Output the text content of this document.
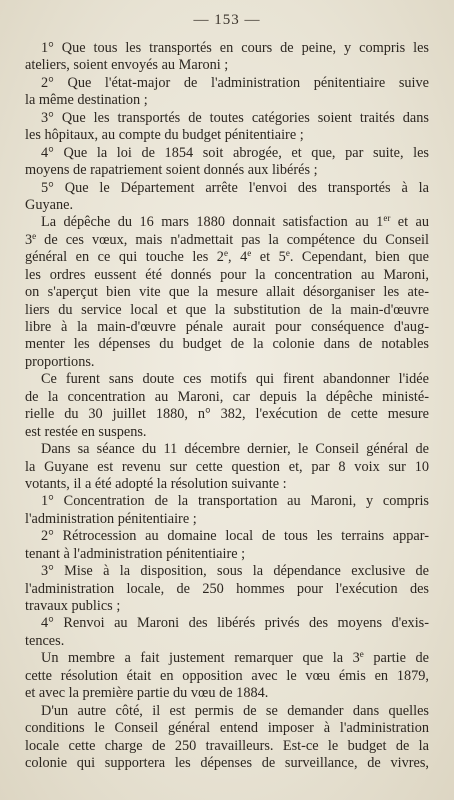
— 153 —
1° Que tous les transportés en cours de peine, y compris les
ateliers, soient envoyés au Maroni ;
2° Que l'état-major de l'administration pénitentiaire suive
la même destination ;
3° Que les transportés de toutes catégories soient traités dans
les hôpitaux, au compte du budget pénitentiaire ;
4° Que la loi de 1854 soit abrogée, et que, par suite, les
moyens de rapatriement soient donnés aux libérés ;
5° Que le Département arrête l'envoi des transportés à la
Guyane.
La dépêche du 16 mars 1880 donnait satisfaction au 1er et au
3e de ces vœux, mais n'admettait pas la compétence du Conseil
général en ce qui touche les 2e, 4e et 5e. Cependant, bien que
les ordres eussent été donnés pour la concentration au Maroni,
on s'aperçut bien vite que la mesure allait désorganiser les ate-
liers du service local et que la substitution de la main-d'œuvre
libre à la main-d'œuvre pénale aurait pour conséquence d'aug-
menter les dépenses du budget de la colonie dans de notables
proportions.
Ce furent sans doute ces motifs qui firent abandonner l'idée
de la concentration au Maroni, car depuis la dépêche ministé-
rielle du 30 juillet 1880, n° 382, l'exécution de cette mesure
est restée en suspens.
Dans sa séance du 11 décembre dernier, le Conseil général de
la Guyane est revenu sur cette question et, par 8 voix sur 10
votants, il a été adopté la résolution suivante :
1° Concentration de la transportation au Maroni, y compris
l'administration pénitentiaire ;
2° Rétrocession au domaine local de tous les terrains appar-
tenant à l'administration pénitentiaire ;
3° Mise à la disposition, sous la dépendance exclusive de
l'administration locale, de 250 hommes pour l'exécution des
travaux publics ;
4° Renvoi au Maroni des libérés privés des moyens d'exis-
tences.
Un membre a fait justement remarquer que la 3e partie de
cette résolution était en opposition avec le vœu émis en 1879,
et avec la première partie du vœu de 1884.
D'un autre côté, il est permis de se demander dans quelles
conditions le Conseil général entend imposer à l'administration
locale cette charge de 250 travailleurs. Est-ce le budget de la
colonie qui supportera les dépenses de surveillance, de vivres,
